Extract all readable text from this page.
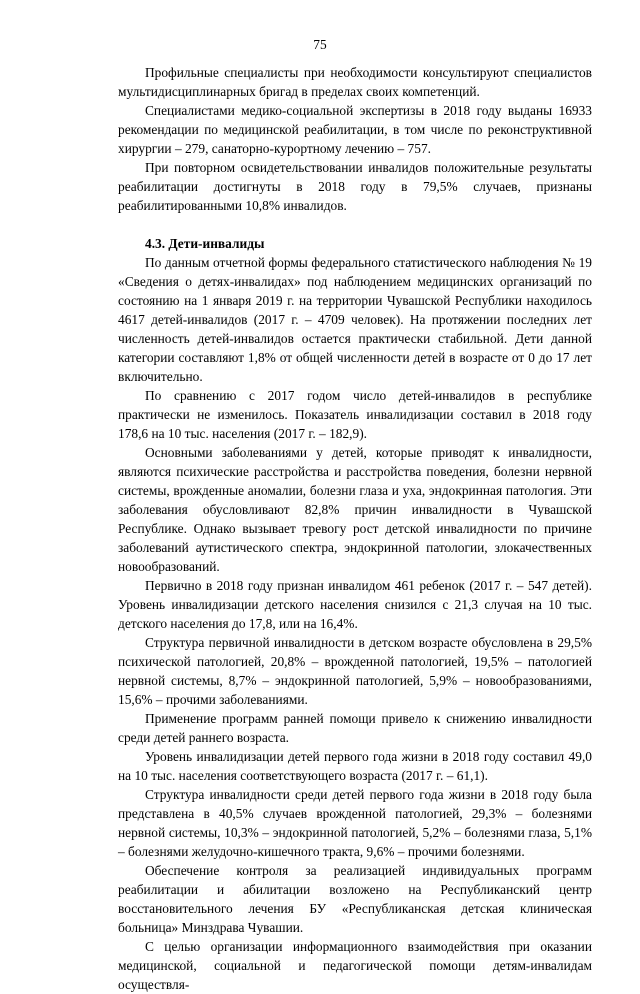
75

Профильные специалисты при необходимости консультируют специалистов мультидисциплинарных бригад в пределах своих компетенций.

Специалистами медико-социальной экспертизы в 2018 году выданы 16933 рекомендации по медицинской реабилитации, в том числе по реконструктивной хирургии – 279, санаторно-курортному лечению – 757.

При повторном освидетельствовании инвалидов положительные результаты реабилитации достигнуты в 2018 году в 79,5% случаев, признаны реабилитированными 10,8% инвалидов.

4.3. Дети-инвалиды

По данным отчетной формы федерального статистического наблюдения № 19 «Сведения о детях-инвалидах» под наблюдением медицинских организаций по состоянию на 1 января 2019 г. на территории Чувашской Республики находилось 4617 детей-инвалидов (2017 г. – 4709 человек). На протяжении последних лет численность детей-инвалидов остается практически стабильной. Дети данной категории составляют 1,8% от общей численности детей в возрасте от 0 до 17 лет включительно.

По сравнению с 2017 годом число детей-инвалидов в республике практически не изменилось. Показатель инвалидизации составил в 2018 году 178,6 на 10 тыс. населения (2017 г. – 182,9).

Основными заболеваниями у детей, которые приводят к инвалидности, являются психические расстройства и расстройства поведения, болезни нервной системы, врожденные аномалии, болезни глаза и уха, эндокринная патология. Эти заболевания обусловливают 82,8% причин инвалидности в Чувашской Республике. Однако вызывает тревогу рост детской инвалидности по причине заболеваний аутистического спектра, эндокринной патологии, злокачественных новообразований.

Первично в 2018 году признан инвалидом 461 ребенок (2017 г. – 547 детей). Уровень инвалидизации детского населения снизился с 21,3 случая на 10 тыс. детского населения до 17,8, или на 16,4%.

Структура первичной инвалидности в детском возрасте обусловлена в 29,5% психической патологией, 20,8% – врожденной патологией, 19,5% – патологией нервной системы, 8,7% – эндокринной патологией, 5,9% – новообразованиями, 15,6% – прочими заболеваниями.

Применение программ ранней помощи привело к снижению инвалидности среди детей раннего возраста.

Уровень инвалидизации детей первого года жизни в 2018 году составил 49,0 на 10 тыс. населения соответствующего возраста (2017 г. – 61,1).

Структура инвалидности среди детей первого года жизни в 2018 году была представлена в 40,5% случаев врожденной патологией, 29,3% – болезнями нервной системы, 10,3% – эндокринной патологией, 5,2% – болезнями глаза, 5,1% – болезнями желудочно-кишечного тракта, 9,6% – прочими болезнями.

Обеспечение контроля за реализацией индивидуальных программ реабилитации и абилитации возложено на Республиканский центр восстановительного лечения БУ «Республиканская детская клиническая больница» Минздрава Чувашии.

С целью организации информационного взаимодействия при оказании медицинской, социальной и педагогической помощи детям-инвалидам осуществля-
